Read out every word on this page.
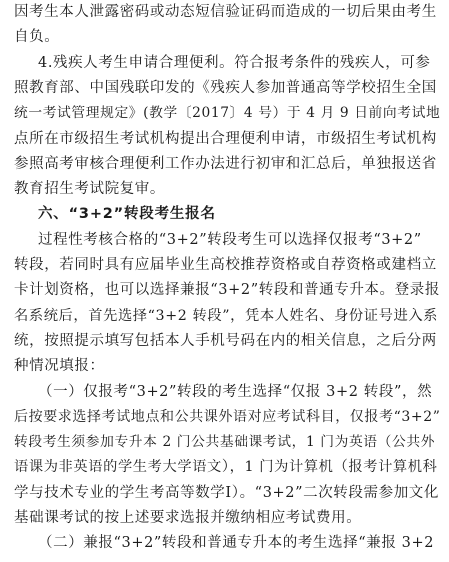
因考生本人泄露密码或动态短信验证码而造成的一切后果由考生
自负。
4.残疾人考生申请合理便利。符合报考条件的残疾人，可参
照教育部、中国残联印发的《残疾人参加普通高等学校招生全国
统一考试管理规定》(教学〔2017〕4 号）于 4 月 9 日前向考试地
点所在市级招生考试机构提出合理便利申请，市级招生考试机构
参照高考审核合理便利工作办法进行初审和汇总后，单独报送省
教育招生考试院复审。
六、“3+2”转段考生报名
过程性考核合格的“3+2”转段考生可以选择仅报考“3+2”
转段，若同时具有应届毕业生高校推荐资格或自荐资格或建档立
卡计划资格，也可以选择兼报“3+2”转段和普通专升本。登录报
名系统后，首先选择“3+2 转段”，凭本人姓名、身份证号进入系
统，按照提示填写包括本人手机号码在内的相关信息，之后分两
种情况填报：
（一）仅报考“3+2”转段的考生选择“仅报 3+2 转段”，然
后按要求选择考试地点和公共课外语对应考试科目，仅报考“3+2”
转段考生须参加专升本 2 门公共基础课考试，1 门为英语（公共外
语课为非英语的学生考大学语文），1 门为计算机（报考计算机科
学与技术专业的学生考高等数学Ⅰ）。“3+2”二次转段需参加文化
基础课考试的按上述要求选报并缴纳相应考试费用。
（二）兼报“3+2”转段和普通专升本的考生选择“兼报 3+2
